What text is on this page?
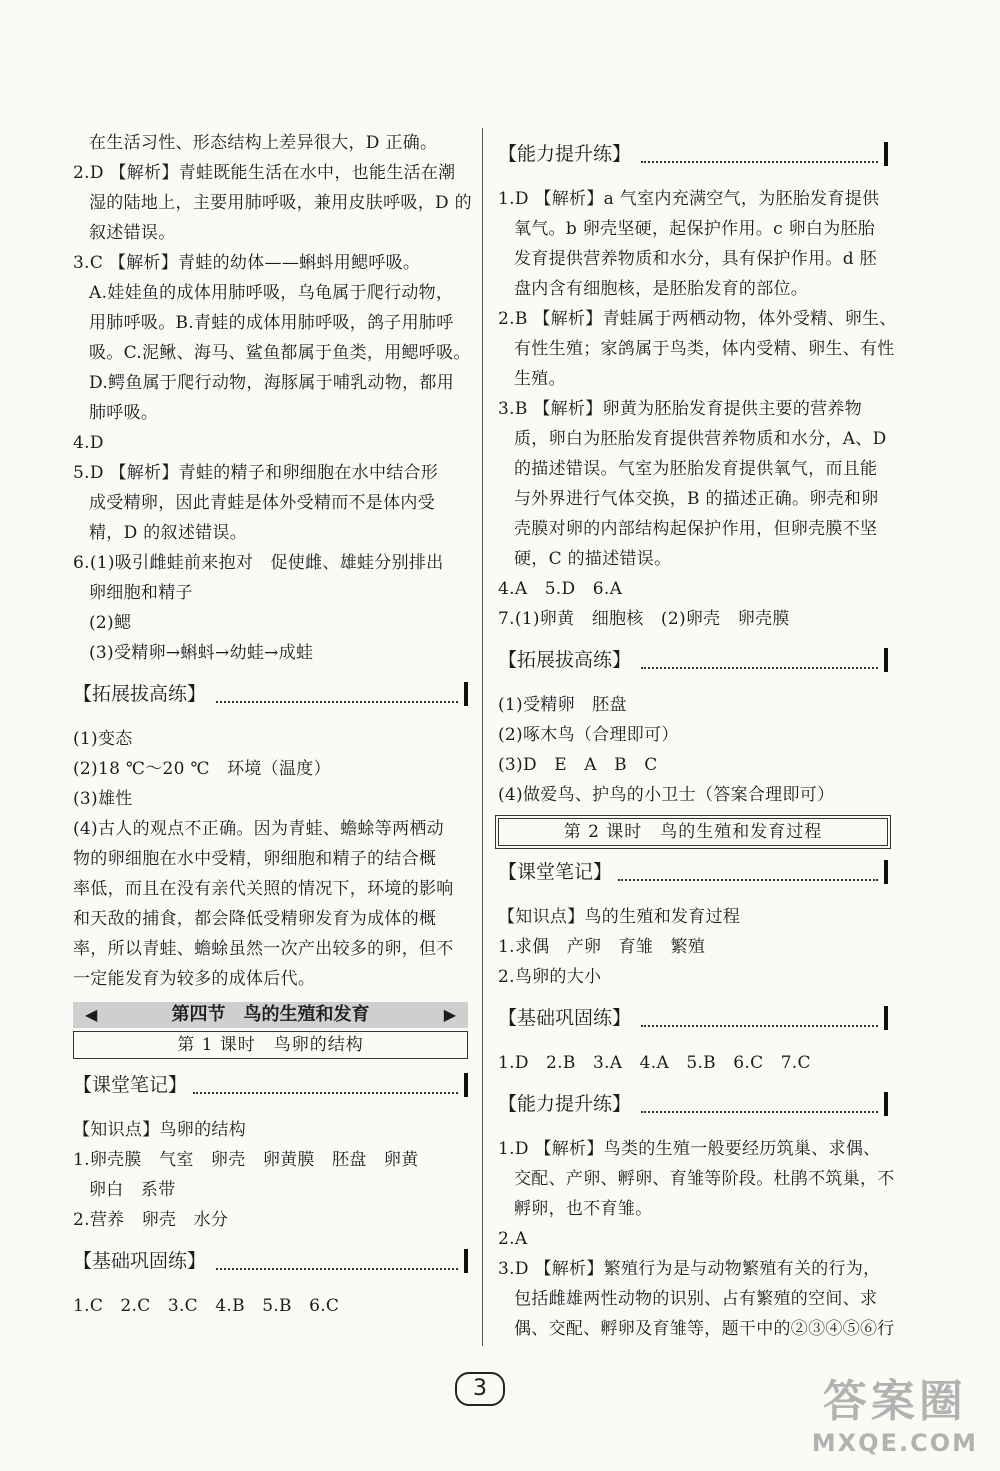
在生活习性、形态结构上差异很大，D 正确。
2.D 【解析】青蛙既能生活在水中，也能生活在潮
湿的陆地上，主要用肺呼吸，兼用皮肤呼吸，D 的
叙述错误。
3.C 【解析】青蛙的幼体——蝌蚪用鳃呼吸。
A.娃娃鱼的成体用肺呼吸，乌龟属于爬行动物，
用肺呼吸。B.青蛙的成体用肺呼吸，鸽子用肺呼
吸。C.泥鳅、海马、鲨鱼都属于鱼类，用鳃呼吸。
D.鳄鱼属于爬行动物，海豚属于哺乳动物，都用
肺呼吸。
4.D
5.D 【解析】青蛙的精子和卵细胞在水中结合形
成受精卵，因此青蛙是体外受精而不是体内受
精，D 的叙述错误。
6.(1)吸引雌蛙前来抱对　促使雌、雄蛙分别排出
卵细胞和精子
(2)鳃
(3)受精卵→蝌蚪→幼蛙→成蛙
【拓展拔高练】
(1)变态
(2)18 ℃～20 ℃　环境（温度）
(3)雄性
(4)古人的观点不正确。因为青蛙、蟾蜍等两栖动
物的卵细胞在水中受精，卵细胞和精子的结合概
率低，而且在没有亲代关照的情况下，环境的影响
和天敌的捕食，都会降低受精卵发育为成体的概
率，所以青蛙、蟾蜍虽然一次产出较多的卵，但不
一定能发育为较多的成体后代。
◀	第四节　鸟的生殖和发育	▶
第 1 课时　鸟卵的结构
【课堂笔记】
【知识点】鸟卵的结构
1.卵壳膜　气室　卵壳　卵黄膜　胚盘　卵黄
卵白　系带
2.营养　卵壳　水分
【基础巩固练】
1.C　2.C　3.C　4.B　5.B　6.C
【能力提升练】
1.D 【解析】a 气室内充满空气，为胚胎发育提供
氧气。b 卵壳坚硬，起保护作用。c 卵白为胚胎
发育提供营养物质和水分，具有保护作用。d 胚
盘内含有细胞核，是胚胎发育的部位。
2.B 【解析】青蛙属于两栖动物，体外受精、卵生、
有性生殖；家鸽属于鸟类，体内受精、卵生、有性
生殖。
3.B 【解析】卵黄为胚胎发育提供主要的营养物
质，卵白为胚胎发育提供营养物质和水分，A、D
的描述错误。气室为胚胎发育提供氧气，而且能
与外界进行气体交换，B 的描述正确。卵壳和卵
壳膜对卵的内部结构起保护作用，但卵壳膜不坚
硬，C 的描述错误。
4.A　5.D　6.A
7.(1)卵黄　细胞核　(2)卵壳　卵壳膜
【拓展拔高练】
(1)受精卵　胚盘
(2)啄木鸟（合理即可）
(3)D　E　A　B　C
(4)做爱鸟、护鸟的小卫士（答案合理即可）
第 2 课时　鸟的生殖和发育过程
【课堂笔记】
【知识点】鸟的生殖和发育过程
1.求偶　产卵　育雏　繁殖
2.鸟卵的大小
【基础巩固练】
1.D　2.B　3.A　4.A　5.B　6.C　7.C
【能力提升练】
1.D 【解析】鸟类的生殖一般要经历筑巢、求偶、
交配、产卵、孵卵、育雏等阶段。杜鹃不筑巢，不
孵卵，也不育雏。
2.A
3.D 【解析】繁殖行为是与动物繁殖有关的行为，
包括雌雄两性动物的识别、占有繁殖的空间、求
偶、交配、孵卵及育雏等，题干中的②③④⑤⑥行
3	答案圈
MXQE.COM
